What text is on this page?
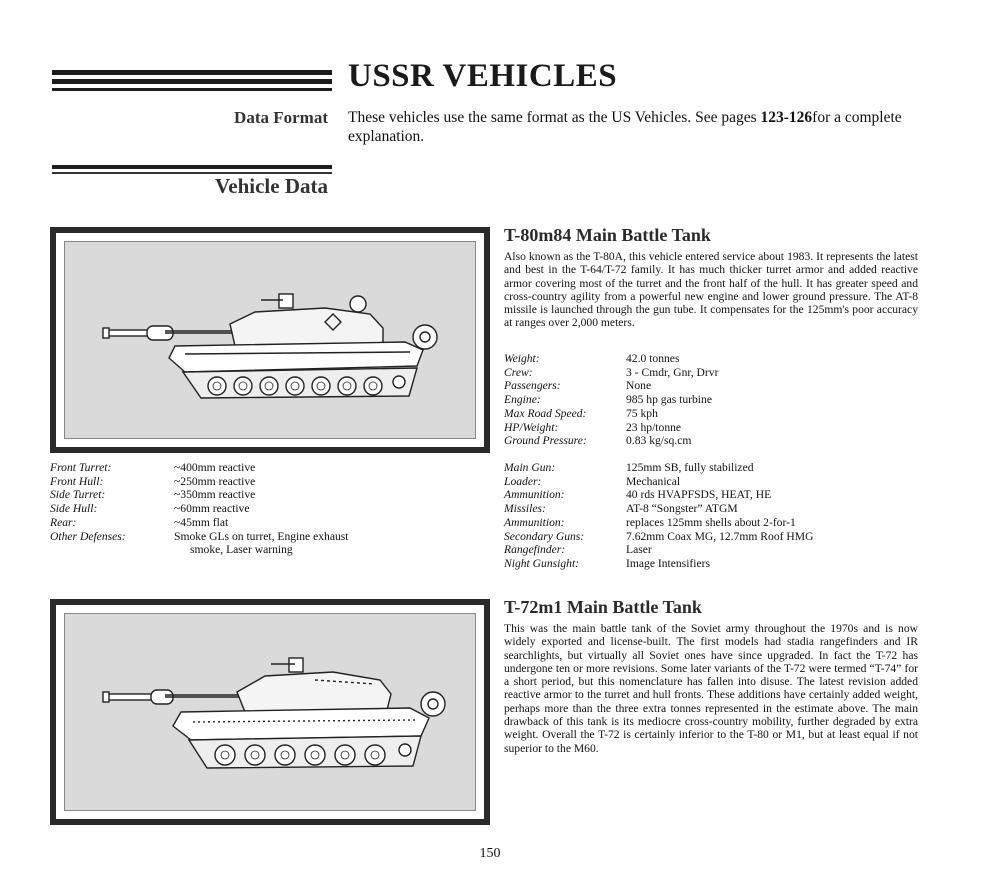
USSR VEHICLES
Data Format These vehicles use the same format as the US Vehicles. See pages 123-126for a complete explanation.

Vehicle Data
T-80m84 Main Battle Tank

Also known as the T-80A, this vehicle entered service about 1983. It represents the latest and best in the T-64/T-72 family. It has much thicker turret armor and added reactive armor covering most of the turret and the front half of the hull. It has greater speed and cross-country agility from a powerful new engine and lower ground pressure. The AT-8 missile is launched through the gun tube. It compensates for the 125mm's poor accuracy at ranges over 2,000 meters.

Weight:	42.0 tonnes
Crew:	3 - Cmdr, Gnr, Drvr
Passengers:	None
Engine:	985 hp gas turbine
Max Road Speed:	75 kph
HP/Weight:	23 hp/tonne
Ground Pressure:	0.83 kg/sq.cm
Front Turret:	~400mm reactive
Front Hull:	~250mm reactive
Side Turret:	~350mm reactive
Side Hull:	~60mm reactive
Rear:	~45mm flat
Other Defenses:	Smoke GLs on turret, Engine exhaust
smoke, Laser warning
Main Gun:	125mm SB, fully stabilized
Loader:	Mechanical
Ammunition:	40 rds HVAPFSDS, HEAT, HE
Missiles:	AT-8 “Songster” ATGM
Ammunition:	replaces 125mm shells about 2-for-1
Secondary Guns:	7.62mm Coax MG, 12.7mm Roof HMG
Rangefinder:	Laser
Night Gunsight:	Image Intensifiers
T-72m1 Main Battle Tank

This was the main battle tank of the Soviet army throughout the 1970s and is now widely exported and license-built. The first models had stadia rangefinders and IR searchlights, but virtually all Soviet ones have since upgraded. In fact the T-72 has undergone ten or more revisions. Some later variants of the T-72 were termed “T-74” for a short period, but this nomenclature has fallen into disuse. The latest revision added reactive armor to the turret and hull fronts. These additions have certainly added weight, perhaps more than the three extra tonnes represented in the estimate above. The main drawback of this tank is its mediocre cross-country mobility, further degraded by extra weight. Overall the T-72 is certainly inferior to the T-80 or M1, but at least equal if not superior to the M60.

150
